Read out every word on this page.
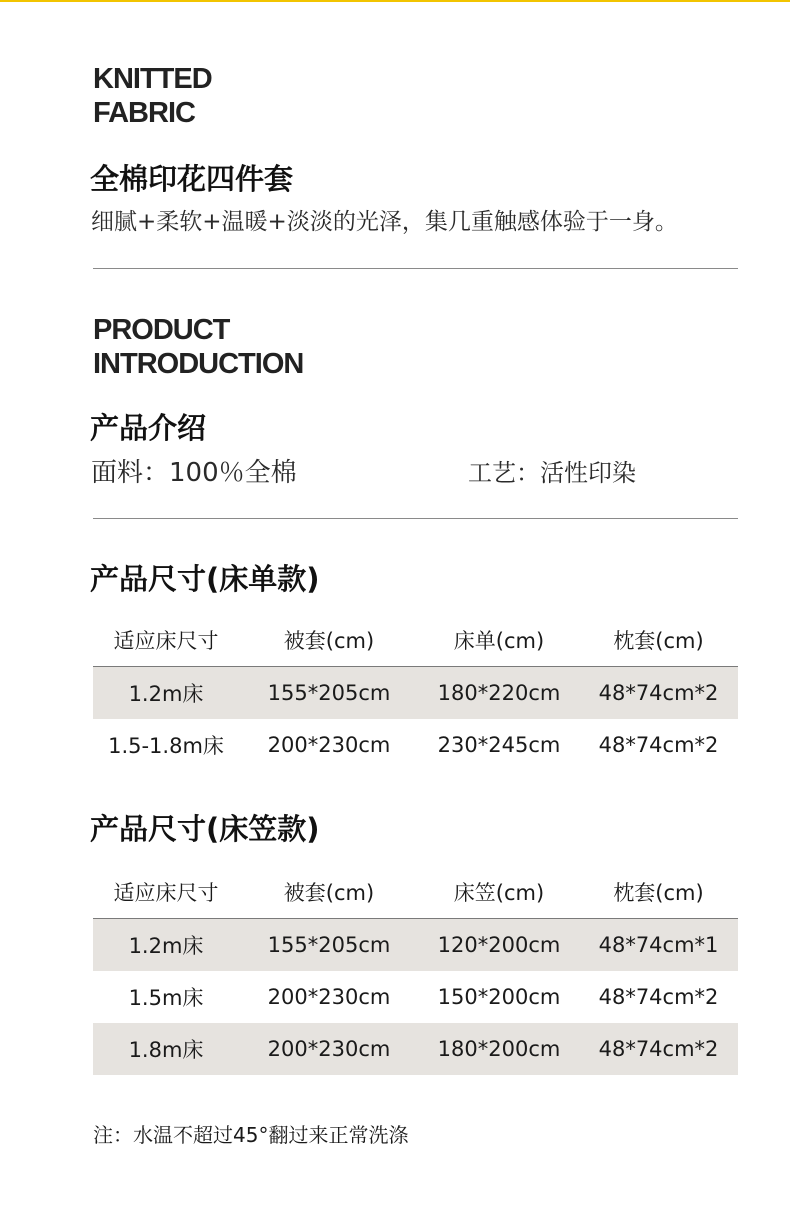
KNITTED
FABRIC
全棉印花四件套
细腻+柔软+温暖+淡淡的光泽，集几重触感体验于一身。
PRODUCT
INTRODUCTION
产品介绍
面料：100％全棉	工艺：活性印染
产品尺寸(床单款)
适应床尺寸	被套(cm)	床单(cm)	枕套(cm)
1.2m床	155*205cm	180*220cm	48*74cm*2
1.5-1.8m床	200*230cm	230*245cm	48*74cm*2
产品尺寸(床笠款)
适应床尺寸	被套(cm)	床笠(cm)	枕套(cm)
1.2m床	155*205cm	120*200cm	48*74cm*1
1.5m床	200*230cm	150*200cm	48*74cm*2
1.8m床	200*230cm	180*200cm	48*74cm*2
注：水温不超过45°翻过来正常洗涤
